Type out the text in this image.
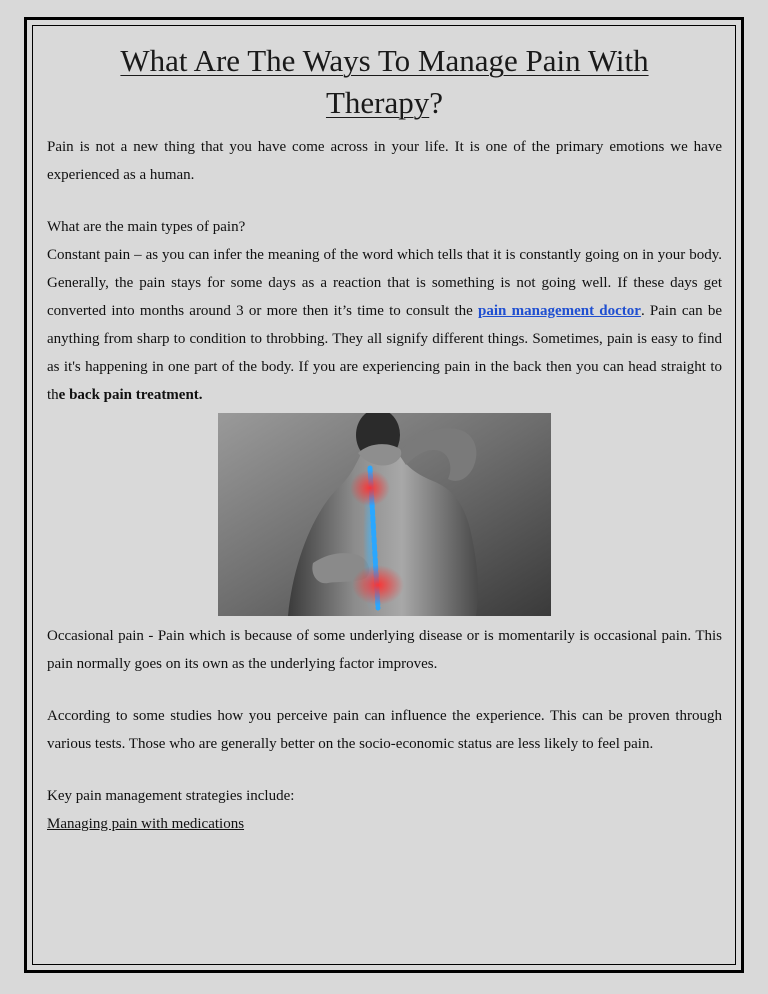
What Are The Ways To Manage Pain With
Therapy?

Pain is not a new thing that you have come across in your life. It is one of the primary emotions we have experienced as a human.

What are the main types of pain?

Constant pain – as you can infer the meaning of the word which tells that it is constantly going on in your body. Generally, the pain stays for some days as a reaction that is something is not going well. If these days get converted into months around 3 or more then it’s time to consult the pain management doctor. Pain can be anything from sharp to condition to throbbing. They all signify different things. Sometimes, pain is easy to find as it's happening in one part of the body. If you are experiencing pain in the back then you can head straight to the back pain treatment.

Occasional pain - Pain which is because of some underlying disease or is momentarily is occasional pain. This pain normally goes on its own as the underlying factor improves.

According to some studies how you perceive pain can influence the experience. This can be proven through various tests. Those who are generally better on the socio-economic status are less likely to feel pain.

Key pain management strategies include:

Managing pain with medications
